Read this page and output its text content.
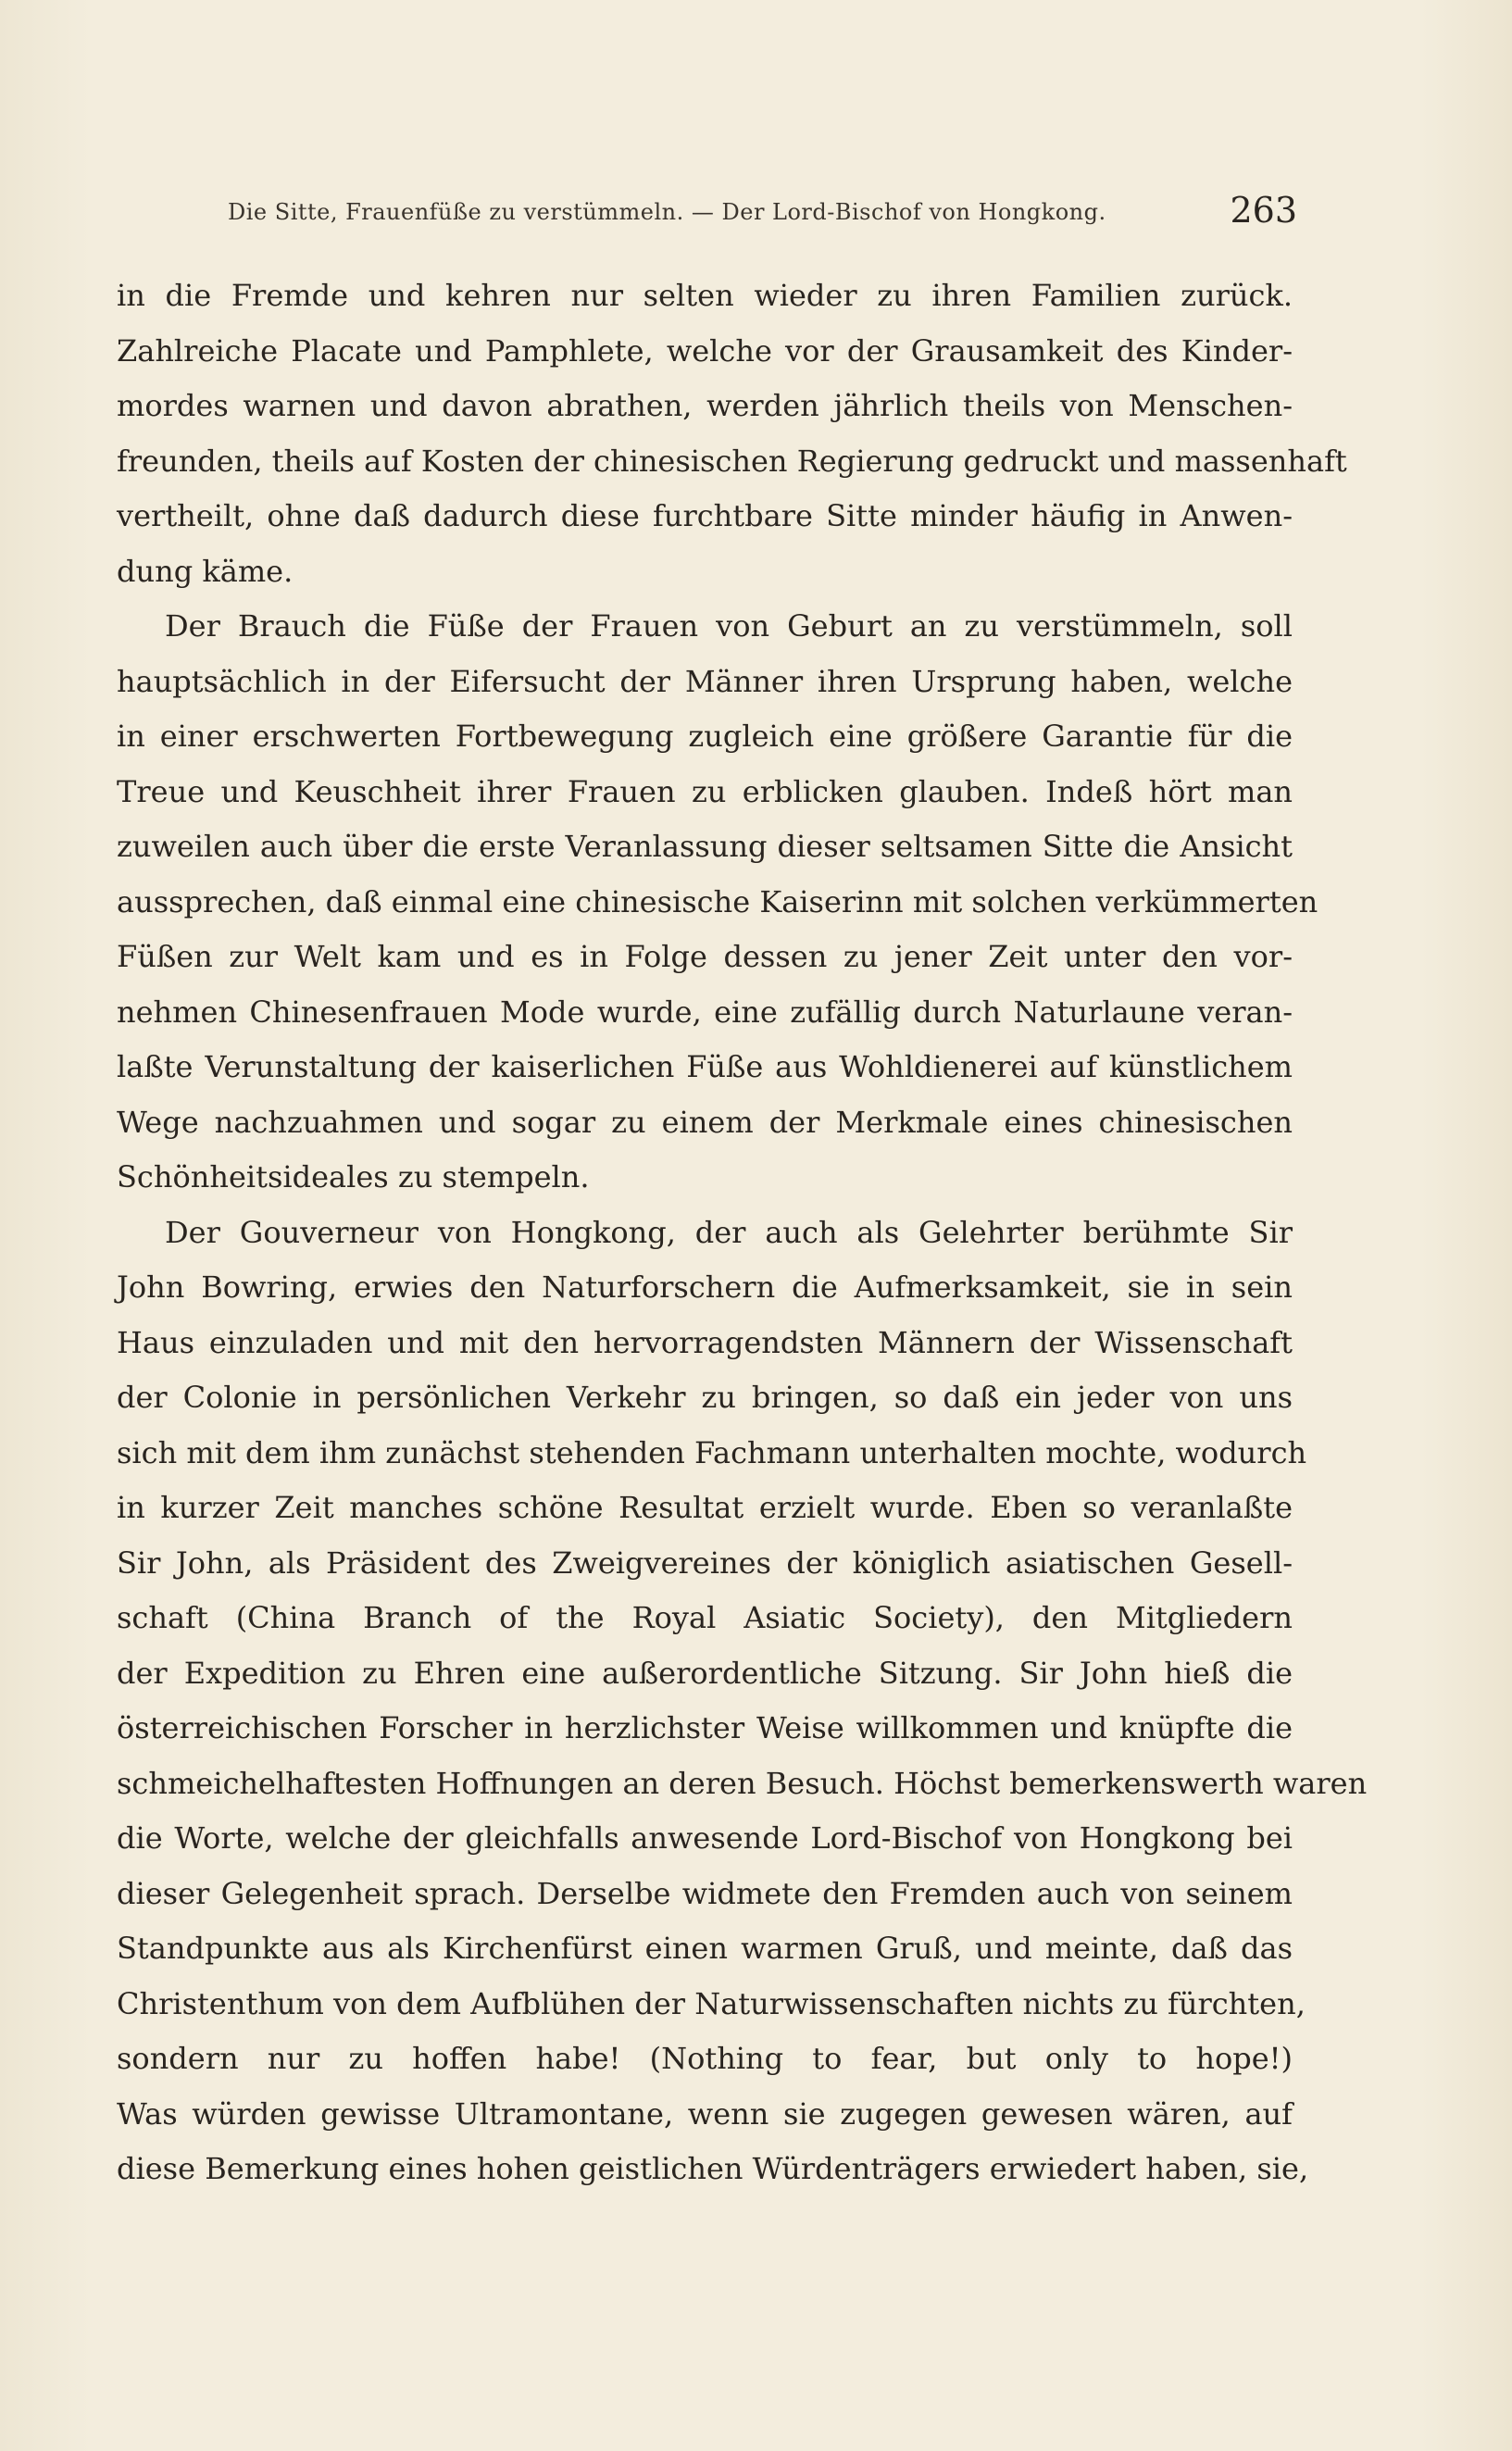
Die Sitte, Frauenfüße zu verstümmeln. — Der Lord-Bischof von Hongkong.	263
in die Fremde und kehren nur selten wieder zu ihren Familien zurück.
Zahlreiche Placate und Pamphlete, welche vor der Grausamkeit des Kinder-
mordes warnen und davon abrathen, werden jährlich theils von Menschen-
freunden, theils auf Kosten der chinesischen Regierung gedruckt und massenhaft
vertheilt, ohne daß dadurch diese furchtbare Sitte minder häufig in Anwen-
dung käme.
Der Brauch die Füße der Frauen von Geburt an zu verstümmeln, soll
hauptsächlich in der Eifersucht der Männer ihren Ursprung haben, welche
in einer erschwerten Fortbewegung zugleich eine größere Garantie für die
Treue und Keuschheit ihrer Frauen zu erblicken glauben. Indeß hört man
zuweilen auch über die erste Veranlassung dieser seltsamen Sitte die Ansicht
aussprechen, daß einmal eine chinesische Kaiserinn mit solchen verkümmerten
Füßen zur Welt kam und es in Folge dessen zu jener Zeit unter den vor-
nehmen Chinesenfrauen Mode wurde, eine zufällig durch Naturlaune veran-
laßte Verunstaltung der kaiserlichen Füße aus Wohldienerei auf künstlichem
Wege nachzuahmen und sogar zu einem der Merkmale eines chinesischen
Schönheitsideales zu stempeln.
Der Gouverneur von Hongkong, der auch als Gelehrter berühmte Sir
John Bowring, erwies den Naturforschern die Aufmerksamkeit, sie in sein
Haus einzuladen und mit den hervorragendsten Männern der Wissenschaft
der Colonie in persönlichen Verkehr zu bringen, so daß ein jeder von uns
sich mit dem ihm zunächst stehenden Fachmann unterhalten mochte, wodurch
in kurzer Zeit manches schöne Resultat erzielt wurde. Eben so veranlaßte
Sir John, als Präsident des Zweigvereines der königlich asiatischen Gesell-
schaft (China Branch of the Royal Asiatic Society), den Mitgliedern
der Expedition zu Ehren eine außerordentliche Sitzung. Sir John hieß die
österreichischen Forscher in herzlichster Weise willkommen und knüpfte die
schmeichelhaftesten Hoffnungen an deren Besuch. Höchst bemerkenswerth waren
die Worte, welche der gleichfalls anwesende Lord-Bischof von Hongkong bei
dieser Gelegenheit sprach. Derselbe widmete den Fremden auch von seinem
Standpunkte aus als Kirchenfürst einen warmen Gruß, und meinte, daß das
Christenthum von dem Aufblühen der Naturwissenschaften nichts zu fürchten,
sondern nur zu hoffen habe! (Nothing to fear, but only to hope!)
Was würden gewisse Ultramontane, wenn sie zugegen gewesen wären, auf
diese Bemerkung eines hohen geistlichen Würdenträgers erwiedert haben, sie,
